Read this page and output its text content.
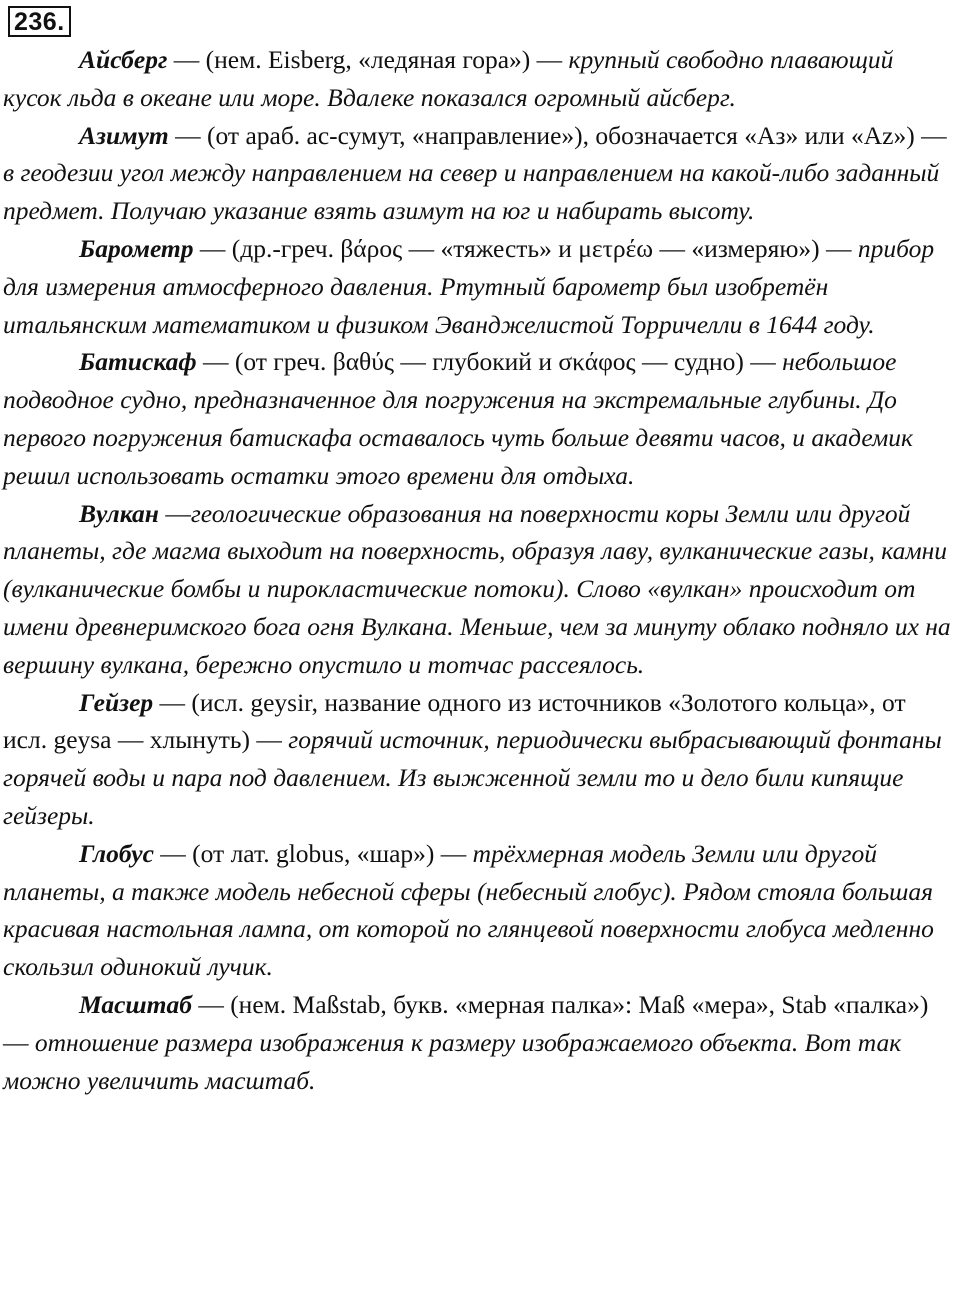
236.

Айсберг — (нем. Eisberg, «ледяная гора») — крупный свободно плавающий кусок льда в океане или море. Вдалеке показался огромный айсберг.

Азимут — (от араб. ас-сумут, «направление»), обозначается «Аз» или «Az») — в геодезии угол между направлением на север и направлением на какой-либо заданный предмет. Получаю указание взять азимут на юг и набирать высоту.

Барометр — (др.-греч. βάρος — «тяжесть» и μετρέω — «измеряю») — прибор для измерения атмосферного давления. Ртутный барометр был изобретён итальянским математиком и физиком Эванджелистой Торричелли в 1644 году.

Батискаф — (от греч. βαθύς — глубокий и σκάφος — судно) — небольшое подводное судно, предназначенное для погружения на экстремальные глубины. До первого погружения батискафа оставалось чуть больше девяти часов, и академик решил использовать остатки этого времени для отдыха.

Вулкан —геологические образования на поверхности коры Земли или другой планеты, где магма выходит на поверхность, образуя лаву, вулканические газы, камни (вулканические бомбы и пирокластические потоки). Слово «вулкан» происходит от имени древнеримского бога огня Вулкана. Меньше, чем за минуту облако подняло их на вершину вулкана, бережно опустило и тотчас рассеялось.

Гейзер — (исл. geysir, название одного из источников «Золотого кольца», от исл. geysa — хлынуть) — горячий источник, периодически выбрасывающий фонтаны горячей воды и пара под давлением. Из выжженной земли то и дело били кипящие гейзеры.

Глобус — (от лат. globus, «шар») — трёхмерная модель Земли или другой планеты, а также модель небесной сферы (небесный глобус). Рядом стояла большая красивая настольная лампа, от которой по глянцевой поверхности глобуса медленно скользил одинокий лучик.

Масштаб — (нем. Maßstab, букв. «мерная палка»: Maß «мера», Stab «палка») — отношение размера изображения к размеру изображаемого объекта. Вот так можно увеличить масштаб.
